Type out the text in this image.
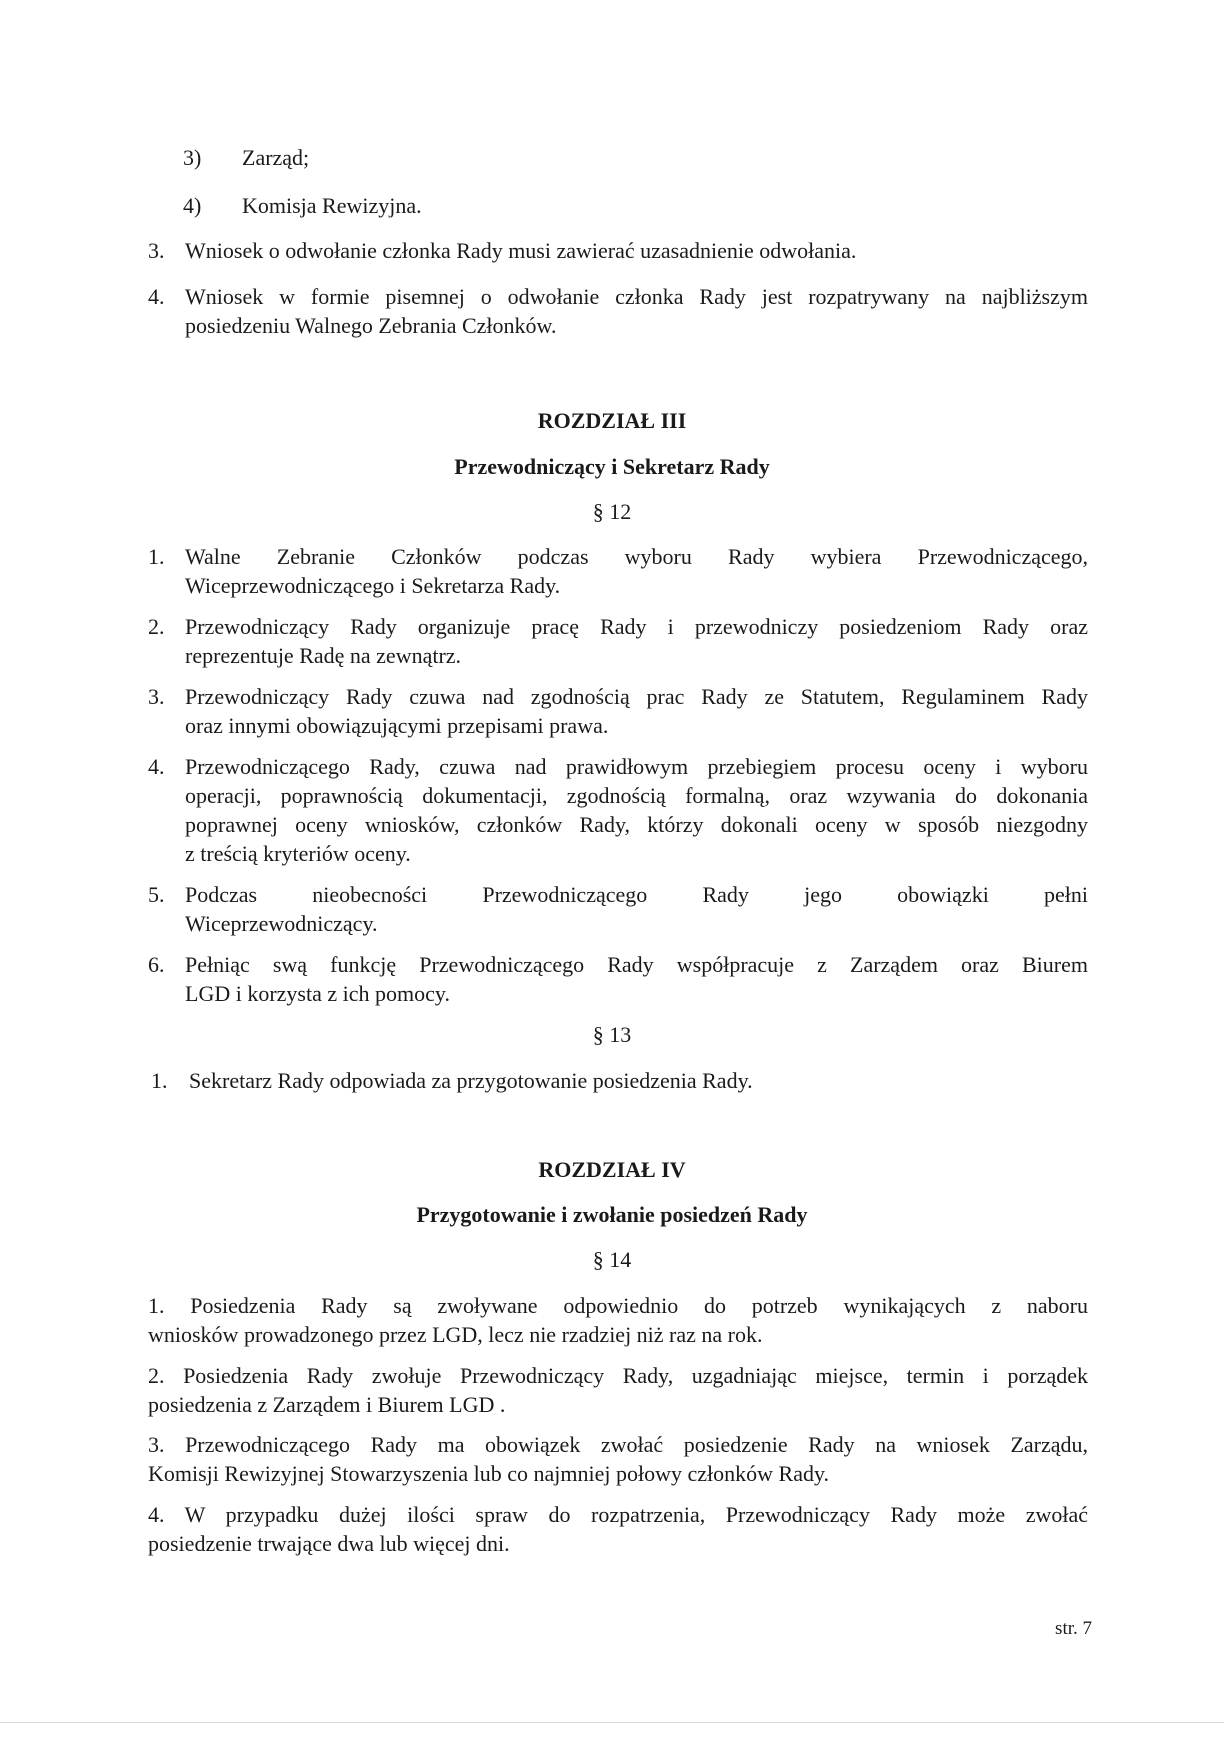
3) Zarząd;
4) Komisja Rewizyjna.
3. Wniosek o odwołanie członka Rady musi zawierać uzasadnienie odwołania.
4. Wniosek w formie pisemnej o odwołanie członka Rady jest rozpatrywany na najbliższym
posiedzeniu Walnego Zebrania Członków.
ROZDZIAŁ III
Przewodniczący i Sekretarz Rady
§ 12
1. Walne Zebranie Członków podczas wyboru Rady wybiera Przewodniczącego,
Wiceprzewodniczącego i Sekretarza Rady.
2. Przewodniczący Rady organizuje pracę Rady i przewodniczy posiedzeniom Rady oraz
reprezentuje Radę na zewnątrz.
3. Przewodniczący Rady czuwa nad zgodnością prac Rady ze Statutem, Regulaminem Rady
oraz innymi obowiązującymi przepisami prawa.
4. Przewodniczącego Rady, czuwa nad prawidłowym przebiegiem procesu oceny i wyboru
operacji, poprawnością dokumentacji, zgodnością formalną, oraz wzywania do dokonania
poprawnej oceny wniosków, członków Rady, którzy dokonali oceny w sposób niezgodny
z treścią kryteriów oceny.
5. Podczas nieobecności Przewodniczącego Rady jego obowiązki pełni
Wiceprzewodniczący.
6. Pełniąc swą funkcję Przewodniczącego Rady współpracuje z Zarządem oraz Biurem
LGD i korzysta z ich pomocy.
§ 13
1. Sekretarz Rady odpowiada za przygotowanie posiedzenia Rady.
ROZDZIAŁ IV
Przygotowanie i zwołanie posiedzeń Rady
§ 14
1. Posiedzenia Rady są zwoływane odpowiednio do potrzeb wynikających z naboru
wniosków prowadzonego przez LGD, lecz nie rzadziej niż raz na rok.
2. Posiedzenia Rady zwołuje Przewodniczący Rady, uzgadniając miejsce, termin i porządek
posiedzenia z Zarządem i Biurem LGD .
3. Przewodniczącego Rady ma obowiązek zwołać posiedzenie Rady na wniosek Zarządu,
Komisji Rewizyjnej Stowarzyszenia lub co najmniej połowy członków Rady.
4. W przypadku dużej ilości spraw do rozpatrzenia, Przewodniczący Rady może zwołać
posiedzenie trwające dwa lub więcej dni.
str. 7
